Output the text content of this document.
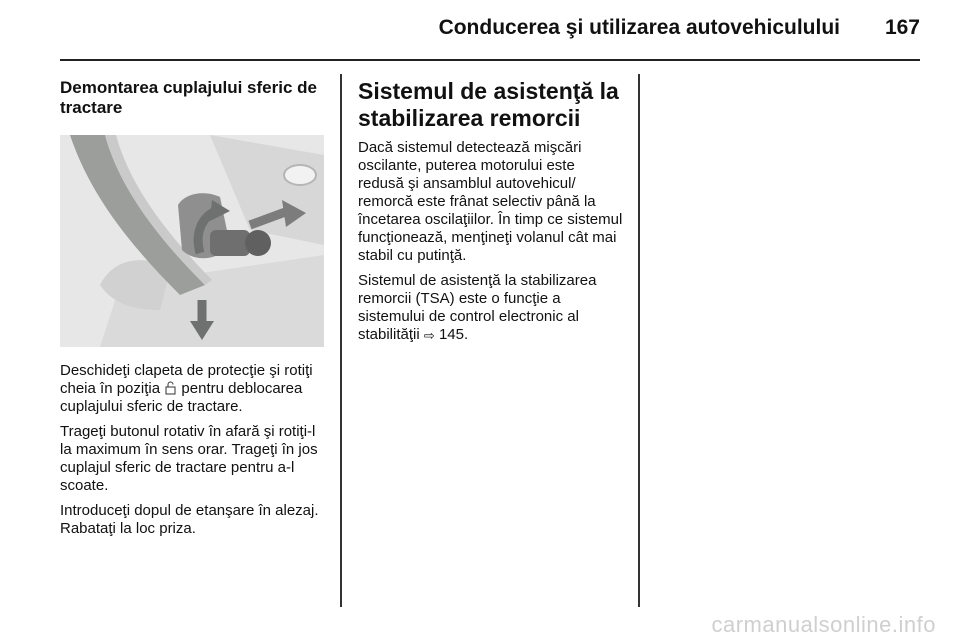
Conducerea şi utilizarea autovehiculului 167
Demontarea cuplajului sferic de tractare
Deschideţi clapeta de protecţie şi rotiţi cheia în poziţia  pentru deblocarea cuplajului sferic de tractare.
Trageţi butonul rotativ în afară şi rotiţi-l la maximum în sens orar. Trageţi în jos cuplajul sferic de tractare pentru a-l scoate.
Introduceţi dopul de etanşare în alezaj. Rabataţi la loc priza.
Sistemul de asistenţă la stabilizarea remorcii
Dacă sistemul detectează mişcări oscilante, puterea motorului este redusă şi ansamblul autovehicul/ remorcă este frânat selectiv până la încetarea oscilaţiilor. În timp ce sistemul funcţionează, menţineţi volanul cât mai stabil cu putinţă.
Sistemul de asistenţă la stabilizarea remorcii (TSA) este o funcţie a sistemului de control electronic al stabilităţii ⇨ 145.
carmanualsonline.info
